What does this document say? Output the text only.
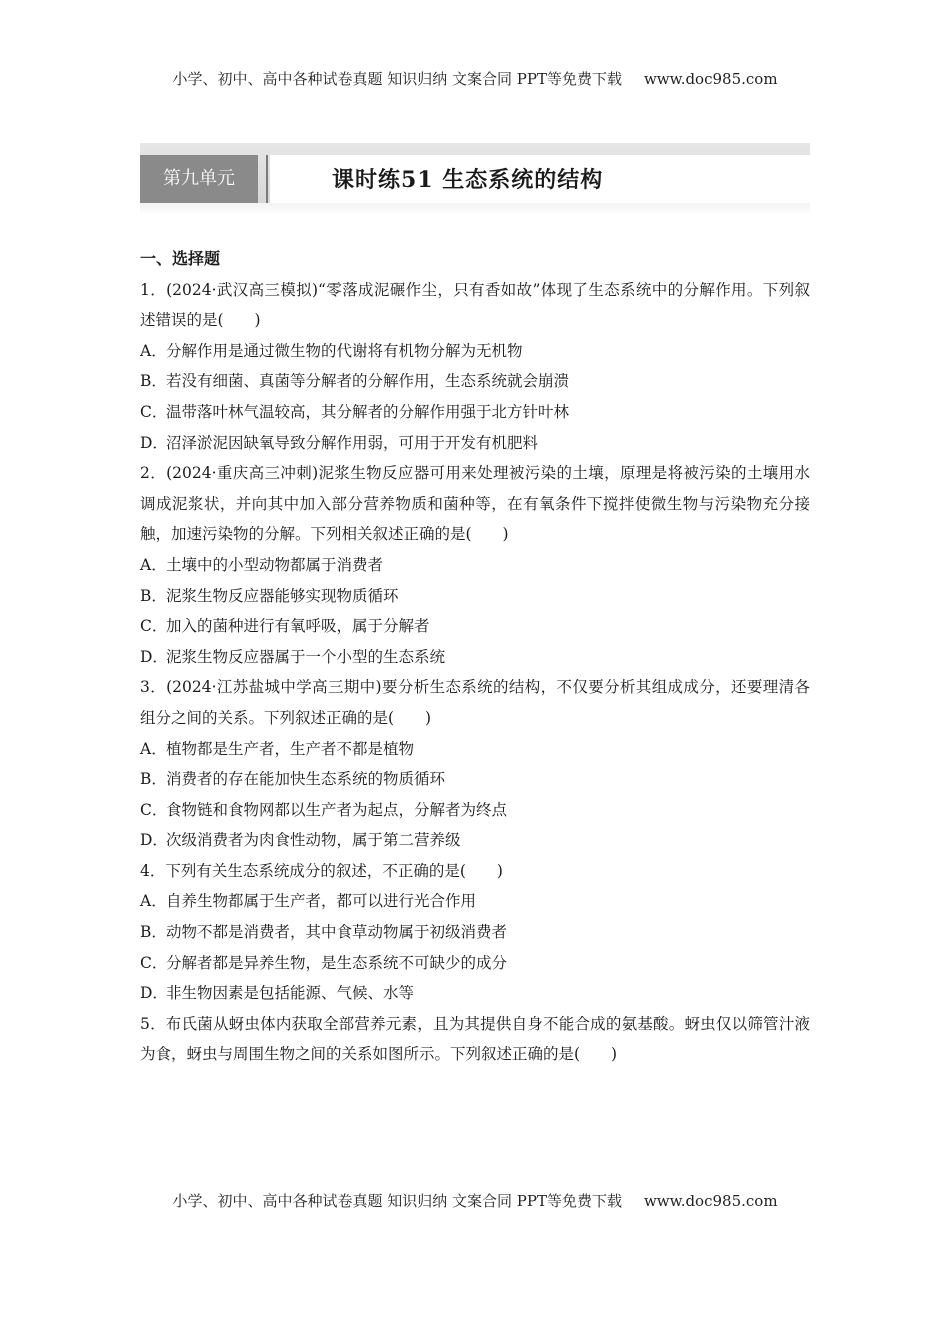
小学、初中、高中各种试卷真题 知识归纳 文案合同 PPT等免费下载 www.doc985.com
第九单元	课时练51 生态系统的结构
一、选择题
1．(2024·武汉高三模拟)“零落成泥碾作尘，只有香如故”体现了生态系统中的分解作用。下列叙述错误的是(　　)
A．分解作用是通过微生物的代谢将有机物分解为无机物
B．若没有细菌、真菌等分解者的分解作用，生态系统就会崩溃
C．温带落叶林气温较高，其分解者的分解作用强于北方针叶林
D．沼泽淤泥因缺氧导致分解作用弱，可用于开发有机肥料
2．(2024·重庆高三冲刺)泥浆生物反应器可用来处理被污染的土壤，原理是将被污染的土壤用水调成泥浆状，并向其中加入部分营养物质和菌种等，在有氧条件下搅拌使微生物与污染物充分接触，加速污染物的分解。下列相关叙述正确的是(　　)
A．土壤中的小型动物都属于消费者
B．泥浆生物反应器能够实现物质循环
C．加入的菌种进行有氧呼吸，属于分解者
D．泥浆生物反应器属于一个小型的生态系统
3．(2024·江苏盐城中学高三期中)要分析生态系统的结构，不仅要分析其组成成分，还要理清各组分之间的关系。下列叙述正确的是(　　)
A．植物都是生产者，生产者不都是植物
B．消费者的存在能加快生态系统的物质循环
C．食物链和食物网都以生产者为起点，分解者为终点
D．次级消费者为肉食性动物，属于第二营养级
4．下列有关生态系统成分的叙述，不正确的是(　　)
A．自养生物都属于生产者，都可以进行光合作用
B．动物不都是消费者，其中食草动物属于初级消费者
C．分解者都是异养生物，是生态系统不可缺少的成分
D．非生物因素是包括能源、气候、水等
5．布氏菌从蚜虫体内获取全部营养元素，且为其提供自身不能合成的氨基酸。蚜虫仅以筛管汁液为食，蚜虫与周围生物之间的关系如图所示。下列叙述正确的是(　　)
小学、初中、高中各种试卷真题 知识归纳 文案合同 PPT等免费下载 www.doc985.com
